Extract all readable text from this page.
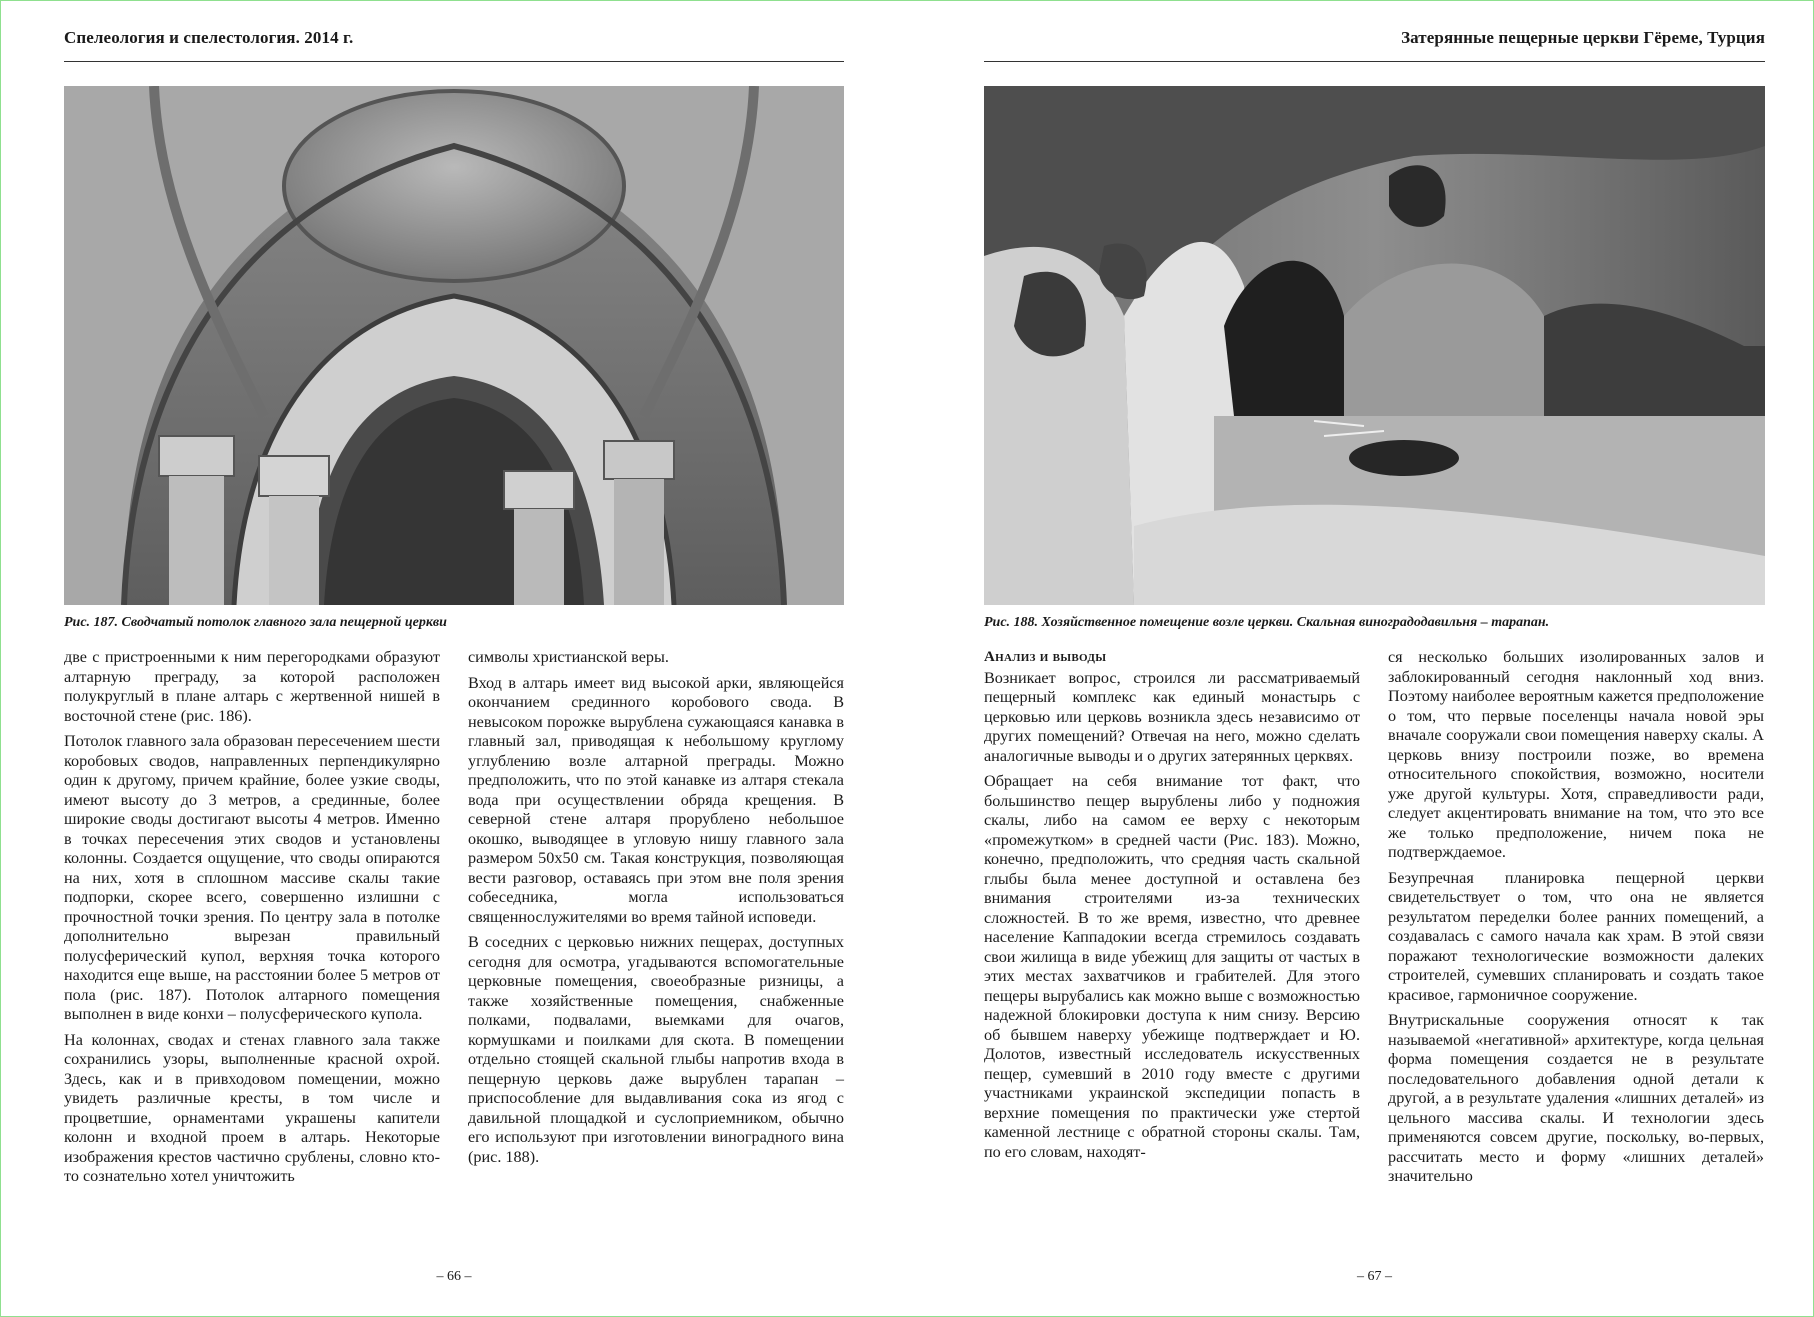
Спелеология и спелестология. 2014 г.
Рис. 187. Сводчатый потолок главного зала пещерной церкви

две с пристроенными к ним перегородками образуют алтарную преграду, за которой расположен полукруглый в плане алтарь с жертвенной нишей в восточной стене (рис. 186).

Потолок главного зала образован пересечением шести коробовых сводов, направленных перпендикулярно один к другому, причем крайние, более узкие своды, имеют высоту до 3 метров, а срединные, более широкие своды достигают высоты 4 метров. Именно в точках пересечения этих сводов и установлены колонны. Создается ощущение, что своды опираются на них, хотя в сплошном массиве скалы такие подпорки, скорее всего, совершенно излишни с прочностной точки зрения. По центру зала в потолке дополнительно вырезан правильный полусферический купол, верхняя точка которого находится еще выше, на расстоянии более 5 метров от пола (рис. 187). Потолок алтарного помещения выполнен в виде конхи – полусферического купола.

На колоннах, сводах и стенах главного зала также сохранились узоры, выполненные красной охрой. Здесь, как и в привходовом помещении, можно увидеть различные кресты, в том числе и процветшие, орнаментами украшены капители колонн и входной проем в алтарь. Некоторые изображения крестов частично срублены, словно кто-то сознательно хотел уничтожить

символы христианской веры.

Вход в алтарь имеет вид высокой арки, являющейся окончанием срединного коробового свода. В невысоком порожке вырублена сужающаяся канавка в главный зал, приводящая к небольшому круглому углублению возле алтарной преграды. Можно предположить, что по этой канавке из алтаря стекала вода при осуществлении обряда крещения. В северной стене алтаря прорублено небольшое окошко, выводящее в угловую нишу главного зала размером 50х50 см. Такая конструкция, позволяющая вести разговор, оставаясь при этом вне поля зрения собеседника, могла использоваться священнослужителями во время тайной исповеди.

В соседних с церковью нижних пещерах, доступных сегодня для осмотра, угадываются вспомогательные церковные помещения, своеобразные ризницы, а также хозяйственные помещения, снабженные полками, подвалами, выемками для очагов, кормушками и поилками для скота. В помещении отдельно стоящей скальной глыбы напротив входа в пещерную церковь даже вырублен тарапан – приспособление для выдавливания сока из ягод с давильной площадкой и суслоприемником, обычно его используют при изготовлении виноградного вина (рис. 188).

– 66 –
Затерянные пещерные церкви Гёреме, Турция
Рис. 188. Хозяйственное помещение возле церкви. Скальная виноградодавильня – тарапан.
Анализ и выводы

Возникает вопрос, строился ли рассматриваемый пещерный комплекс как единый монастырь с церковью или церковь возникла здесь независимо от других помещений? Отвечая на него, можно сделать аналогичные выводы и о других затерянных церквях.

Обращает на себя внимание тот факт, что большинство пещер вырублены либо у подножия скалы, либо на самом ее верху с некоторым «промежутком» в средней части (Рис. 183). Можно, конечно, предположить, что средняя часть скальной глыбы была менее доступной и оставлена без внимания строителями из-за технических сложностей. В то же время, известно, что древнее население Каппадокии всегда стремилось создавать свои жилища в виде убежищ для защиты от частых в этих местах захватчиков и грабителей. Для этого пещеры вырубались как можно выше с возможностью надежной блокировки доступа к ним снизу. Версию об бывшем наверху убежище подтверждает и Ю. Долотов, известный исследователь искусственных пещер, сумевший в 2010 году вместе с другими участниками украинской экспедиции попасть в верхние помещения по практически уже стертой каменной лестнице с обратной стороны скалы. Там, по его словам, находят-

ся несколько больших изолированных залов и заблокированный сегодня наклонный ход вниз. Поэтому наиболее вероятным кажется предположение о том, что первые поселенцы начала новой эры вначале сооружали свои помещения наверху скалы. А церковь внизу построили позже, во времена относительного спокойствия, возможно, носители уже другой культуры. Хотя, справедливости ради, следует акцентировать внимание на том, что это все же только предположение, ничем пока не подтверждаемое.

Безупречная планировка пещерной церкви свидетельствует о том, что она не является результатом переделки более ранних помещений, а создавалась с самого начала как храм. В этой связи поражают технологические возможности далеких строителей, сумевших спланировать и создать такое красивое, гармоничное сооружение.

Внутрискальные сооружения относят к так называемой «негативной» архитектуре, когда цельная форма помещения создается не в результате последовательного добавления одной детали к другой, а в результате удаления «лишних деталей» из цельного массива скалы. И технологии здесь применяются совсем другие, поскольку, во-первых, рассчитать место и форму «лишних деталей» значительно

– 67 –
